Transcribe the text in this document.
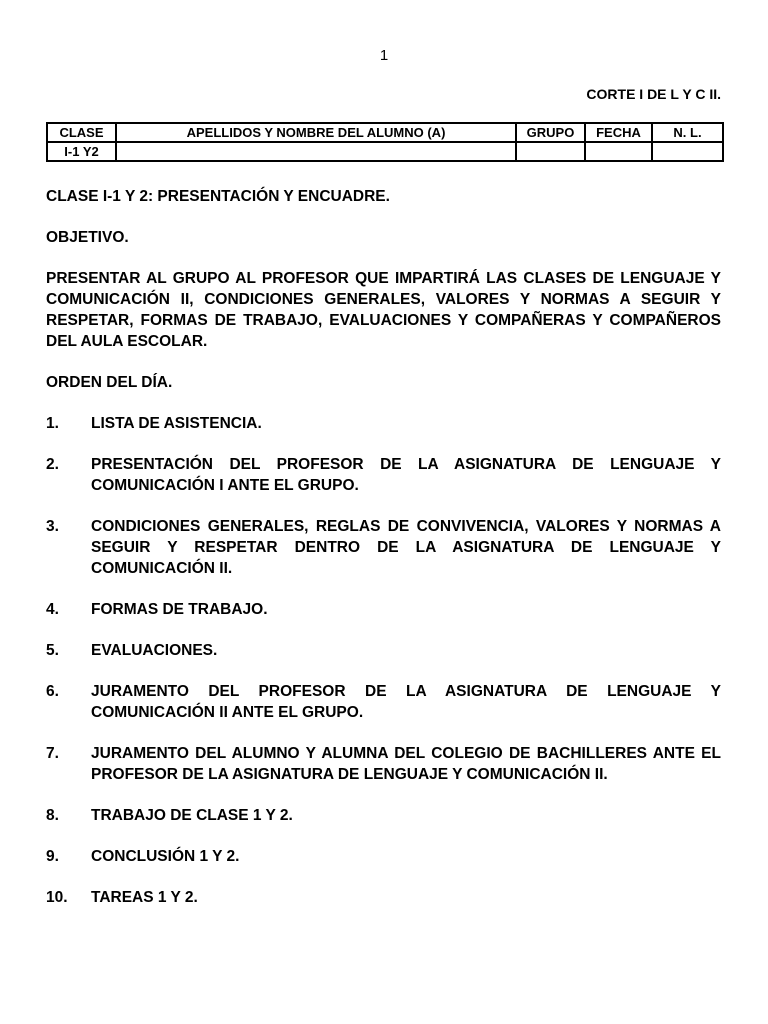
1
CORTE I DE L Y C II.
CLASE	APELLIDOS Y NOMBRE DEL ALUMNO (A)	GRUPO	FECHA	N. L.
I-1 Y2				

CLASE I-1 Y 2: PRESENTACIÓN Y ENCUADRE.

OBJETIVO.

PRESENTAR AL GRUPO AL PROFESOR QUE IMPARTIRÁ LAS CLASES DE LENGUAJE Y COMUNICACIÓN II, CONDICIONES GENERALES, VALORES Y NORMAS A SEGUIR Y RESPETAR, FORMAS DE TRABAJO, EVALUACIONES Y COMPAÑERAS Y COMPAÑEROS DEL AULA ESCOLAR.

ORDEN DEL DÍA.

1.	LISTA DE ASISTENCIA.
2.	PRESENTACIÓN DEL PROFESOR DE LA ASIGNATURA DE LENGUAJE Y COMUNICACIÓN I ANTE EL GRUPO.
3.	CONDICIONES GENERALES, REGLAS DE CONVIVENCIA, VALORES Y NORMAS A SEGUIR Y RESPETAR DENTRO DE LA ASIGNATURA DE LENGUAJE Y COMUNICACIÓN II.
4.	FORMAS DE TRABAJO.
5.	EVALUACIONES.
6.	JURAMENTO DEL PROFESOR DE LA ASIGNATURA DE LENGUAJE Y COMUNICACIÓN II ANTE EL GRUPO.
7.	JURAMENTO DEL ALUMNO Y ALUMNA DEL COLEGIO DE BACHILLERES ANTE EL PROFESOR DE LA ASIGNATURA DE LENGUAJE Y COMUNICACIÓN II.
8.	TRABAJO DE CLASE 1 Y 2.
9.	CONCLUSIÓN 1 Y 2.
10.	TAREAS 1 Y 2.
